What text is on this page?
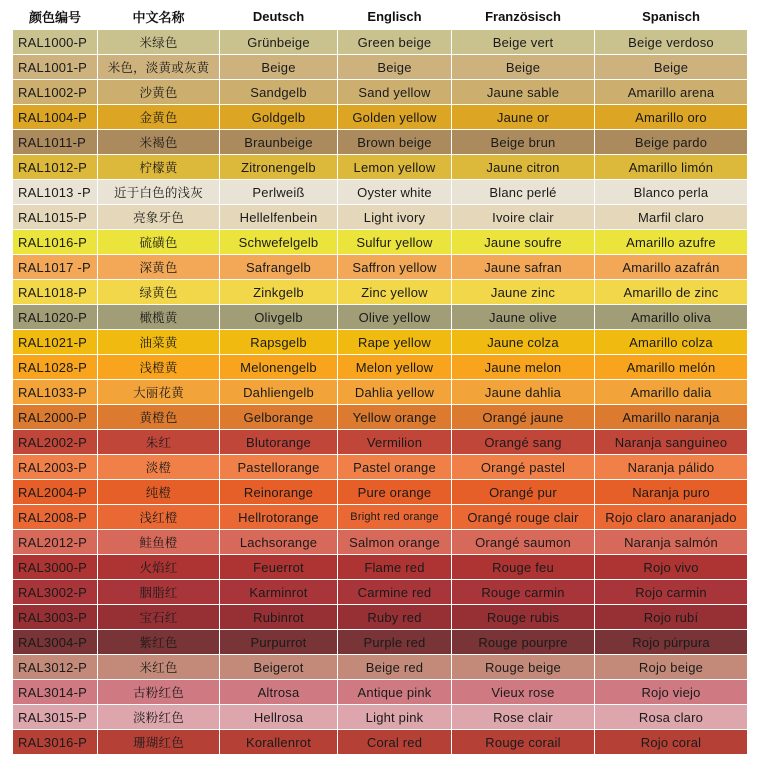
颜色编号	中文名称	Deutsch	Englisch	Französisch	Spanisch
RAL1000-P	米绿色	Grünbeige	Green beige	Beige vert	Beige verdoso
RAL1001-P	米色，淡黄或灰黄	Beige	Beige	Beige	Beige
RAL1002-P	沙黄色	Sandgelb	Sand yellow	Jaune sable	Amarillo arena
RAL1004-P	金黄色	Goldgelb	Golden yellow	Jaune or	Amarillo oro
RAL1011-P	米褐色	Braunbeige	Brown beige	Beige brun	Beige pardo
RAL1012-P	柠檬黄	Zitronengelb	Lemon yellow	Jaune citron	Amarillo limón
RAL1013 -P	近于白色的浅灰	Perlweiß	Oyster white	Blanc perlé	Blanco perla
RAL1015-P	亮象牙色	Hellelfenbein	Light ivory	Ivoire clair	Marfil claro
RAL1016-P	硫磺色	Schwefelgelb	Sulfur yellow	Jaune soufre	Amarillo azufre
RAL1017 -P	深黄色	Safrangelb	Saffron yellow	Jaune safran	Amarillo azafrán
RAL1018-P	绿黄色	Zinkgelb	Zinc yellow	Jaune zinc	Amarillo de zinc
RAL1020-P	橄榄黄	Olivgelb	Olive yellow	Jaune olive	Amarillo oliva
RAL1021-P	油菜黄	Rapsgelb	Rape yellow	Jaune colza	Amarillo colza
RAL1028-P	浅橙黄	Melonengelb	Melon yellow	Jaune melon	Amarillo melón
RAL1033-P	大丽花黄	Dahliengelb	Dahlia yellow	Jaune dahlia	Amarillo dalia
RAL2000-P	黄橙色	Gelborange	Yellow orange	Orangé jaune	Amarillo naranja
RAL2002-P	朱红	Blutorange	Vermilion	Orangé sang	Naranja sanguineo
RAL2003-P	淡橙	Pastellorange	Pastel orange	Orangé pastel	Naranja pálido
RAL2004-P	纯橙	Reinorange	Pure orange	Orangé pur	Naranja puro
RAL2008-P	浅红橙	Hellrotorange	Bright red orange	Orangé rouge clair	Rojo claro anaranjado
RAL2012-P	鲑鱼橙	Lachsorange	Salmon orange	Orangé saumon	Naranja salmón
RAL3000-P	火焰红	Feuerrot	Flame red	Rouge feu	Rojo vivo
RAL3002-P	胭脂红	Karminrot	Carmine red	Rouge carmin	Rojo carmin
RAL3003-P	宝石红	Rubinrot	Ruby red	Rouge rubis	Rojo rubí
RAL3004-P	紫红色	Purpurrot	Purple red	Rouge pourpre	Rojo púrpura
RAL3012-P	米红色	Beigerot	Beige red	Rouge beige	Rojo beige
RAL3014-P	古粉红色	Altrosa	Antique pink	Vieux rose	Rojo viejo
RAL3015-P	淡粉红色	Hellrosa	Light pink	Rose clair	Rosa claro
RAL3016-P	珊瑚红色	Korallenrot	Coral red	Rouge corail	Rojo coral
